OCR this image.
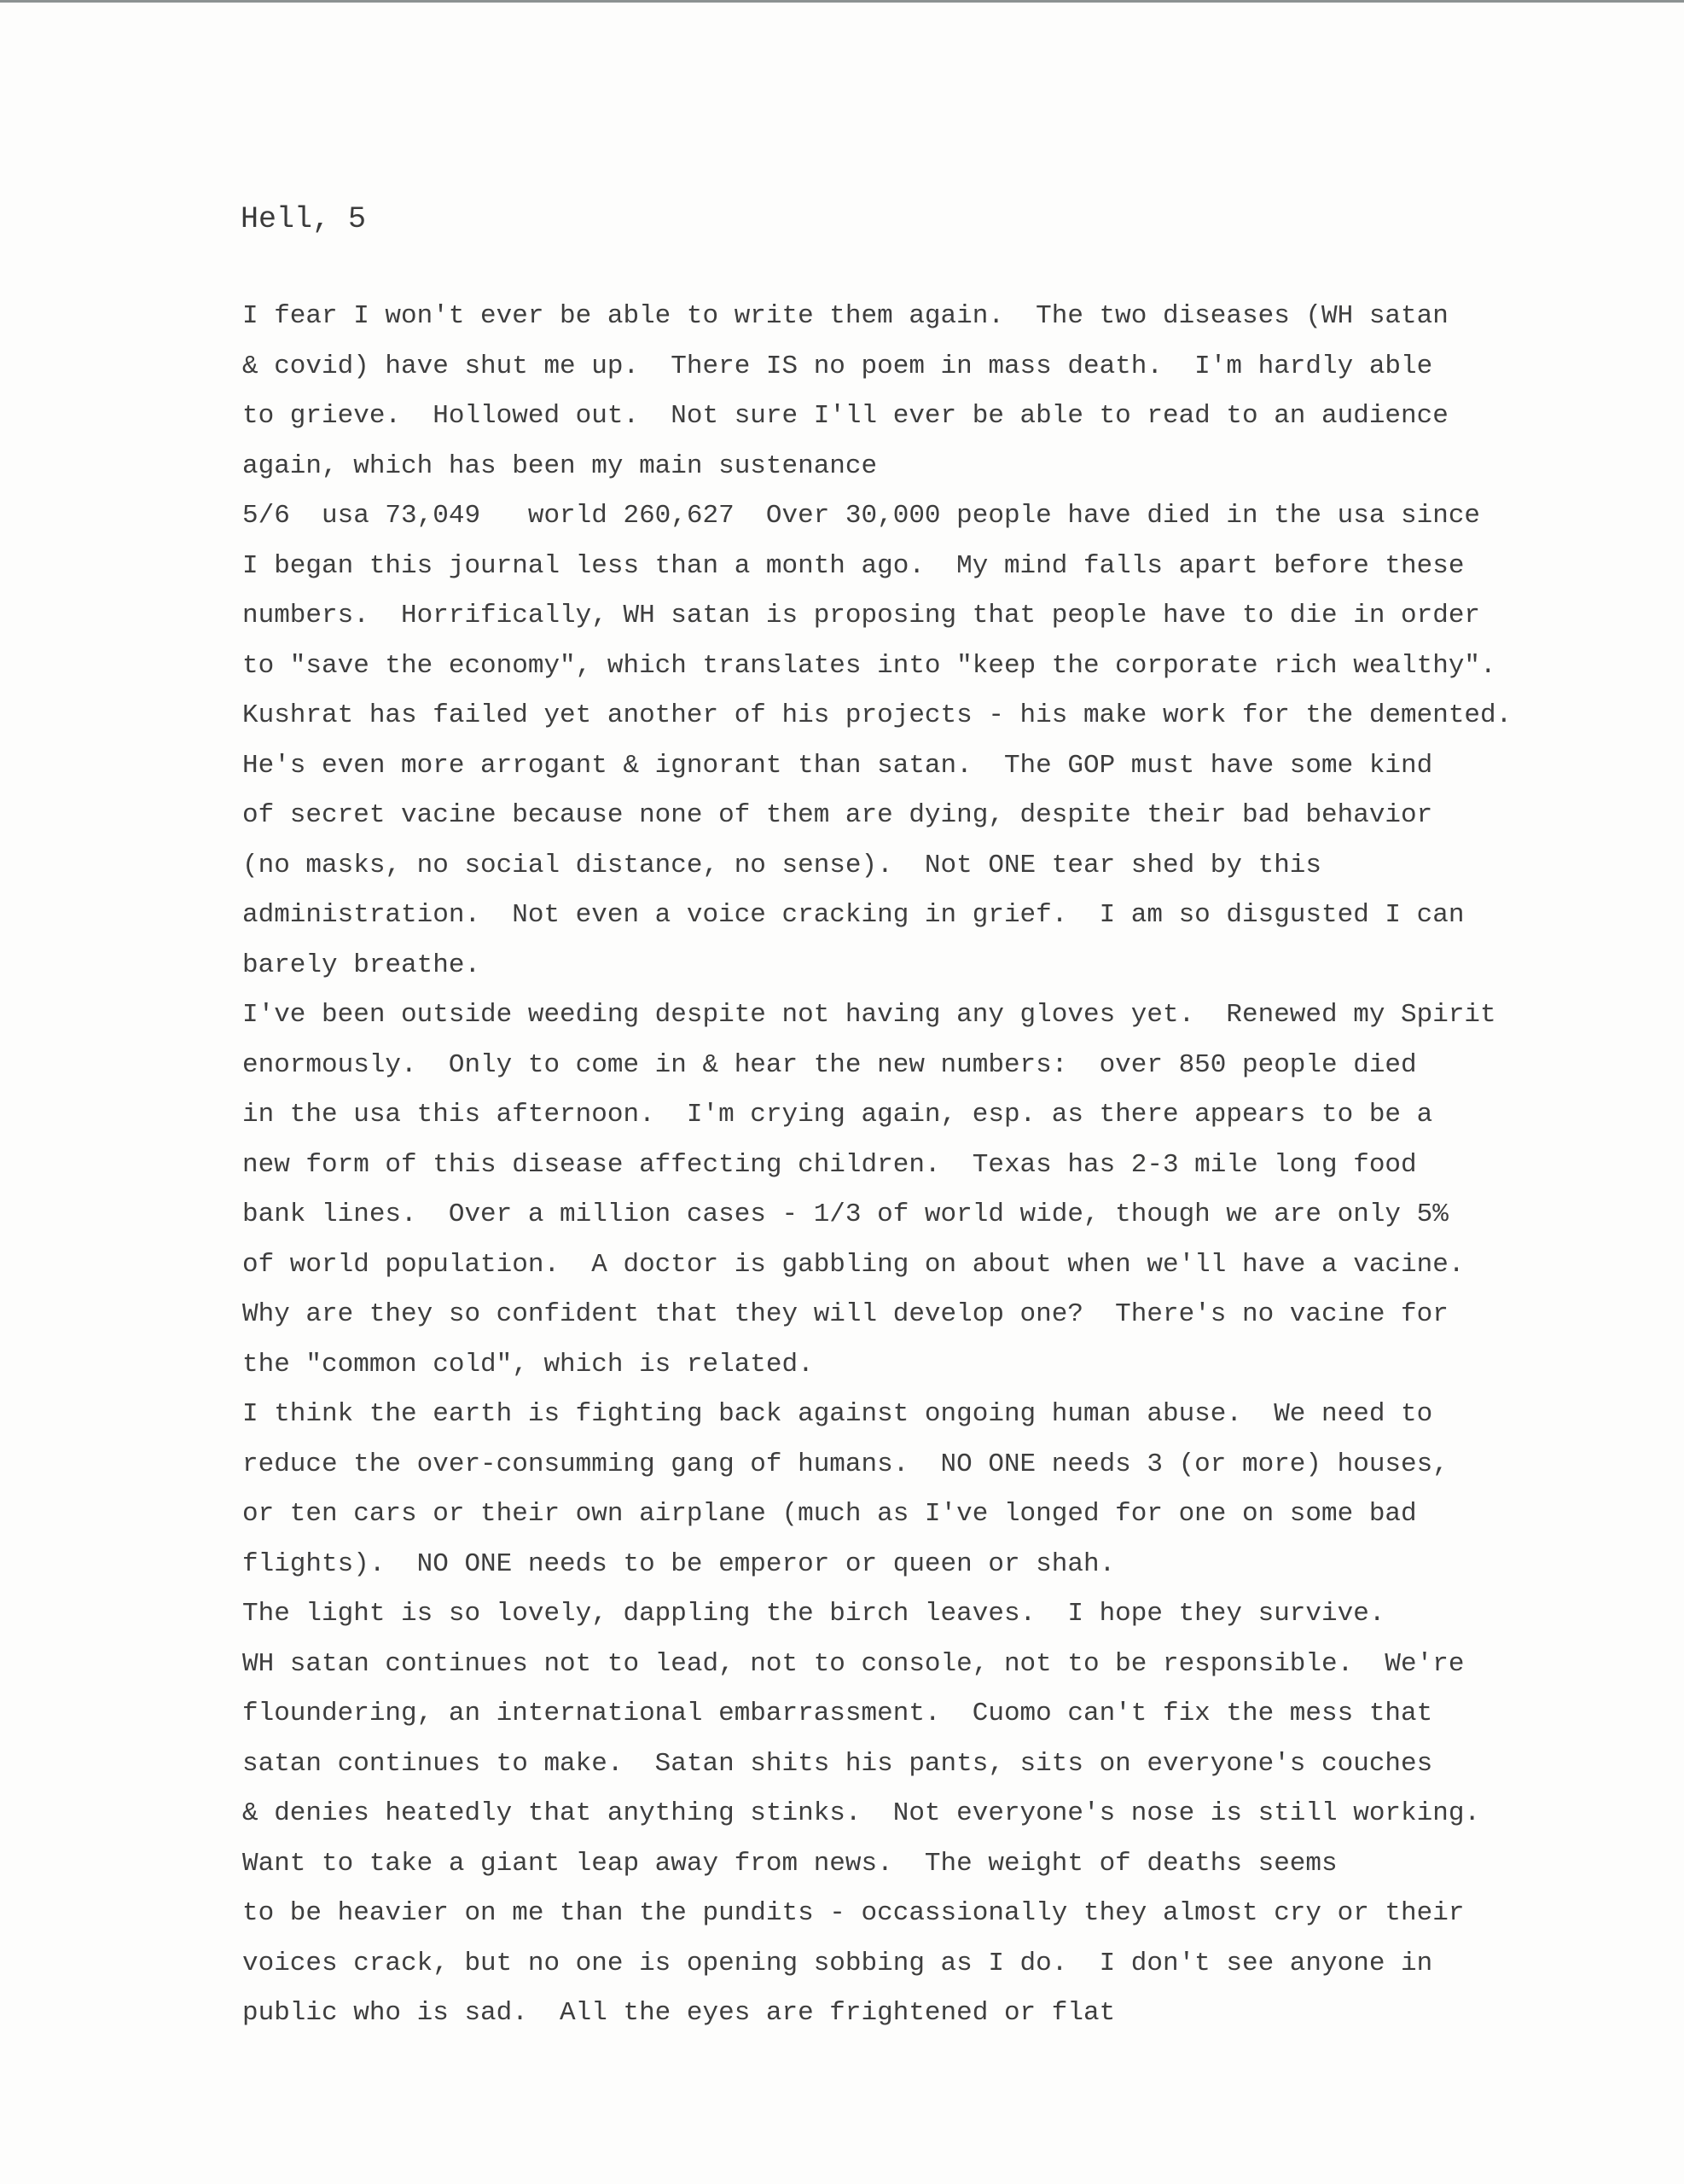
Hell, 5
I fear I won't ever be able to write them again.  The two diseases (WH satan
& covid) have shut me up.  There IS no poem in mass death.  I'm hardly able
to grieve.  Hollowed out.  Not sure I'll ever be able to read to an audience
again, which has been my main sustenance
5/6  usa 73,049   world 260,627  Over 30,000 people have died in the usa since
I began this journal less than a month ago.  My mind falls apart before these
numbers.  Horrifically, WH satan is proposing that people have to die in order
to "save the economy", which translates into "keep the corporate rich wealthy".
Kushrat has failed yet another of his projects - his make work for the demented.
He's even more arrogant & ignorant than satan.  The GOP must have some kind
of secret vacine because none of them are dying, despite their bad behavior
(no masks, no social distance, no sense).  Not ONE tear shed by this
administration.  Not even a voice cracking in grief.  I am so disgusted I can
barely breathe.
I've been outside weeding despite not having any gloves yet.  Renewed my Spirit
enormously.  Only to come in & hear the new numbers:  over 850 people died
in the usa this afternoon.  I'm crying again, esp. as there appears to be a
new form of this disease affecting children.  Texas has 2-3 mile long food
bank lines.  Over a million cases - 1/3 of world wide, though we are only 5%
of world population.  A doctor is gabbling on about when we'll have a vacine.
Why are they so confident that they will develop one?  There's no vacine for
the "common cold", which is related.
I think the earth is fighting back against ongoing human abuse.  We need to
reduce the over-consumming gang of humans.  NO ONE needs 3 (or more) houses,
or ten cars or their own airplane (much as I've longed for one on some bad
flights).  NO ONE needs to be emperor or queen or shah.
The light is so lovely, dappling the birch leaves.  I hope they survive.
WH satan continues not to lead, not to console, not to be responsible.  We're
floundering, an international embarrassment.  Cuomo can't fix the mess that
satan continues to make.  Satan shits his pants, sits on everyone's couches
& denies heatedly that anything stinks.  Not everyone's nose is still working.
Want to take a giant leap away from news.  The weight of deaths seems
to be heavier on me than the pundits - occassionally they almost cry or their
voices crack, but no one is opening sobbing as I do.  I don't see anyone in
public who is sad.  All the eyes are frightened or flat
